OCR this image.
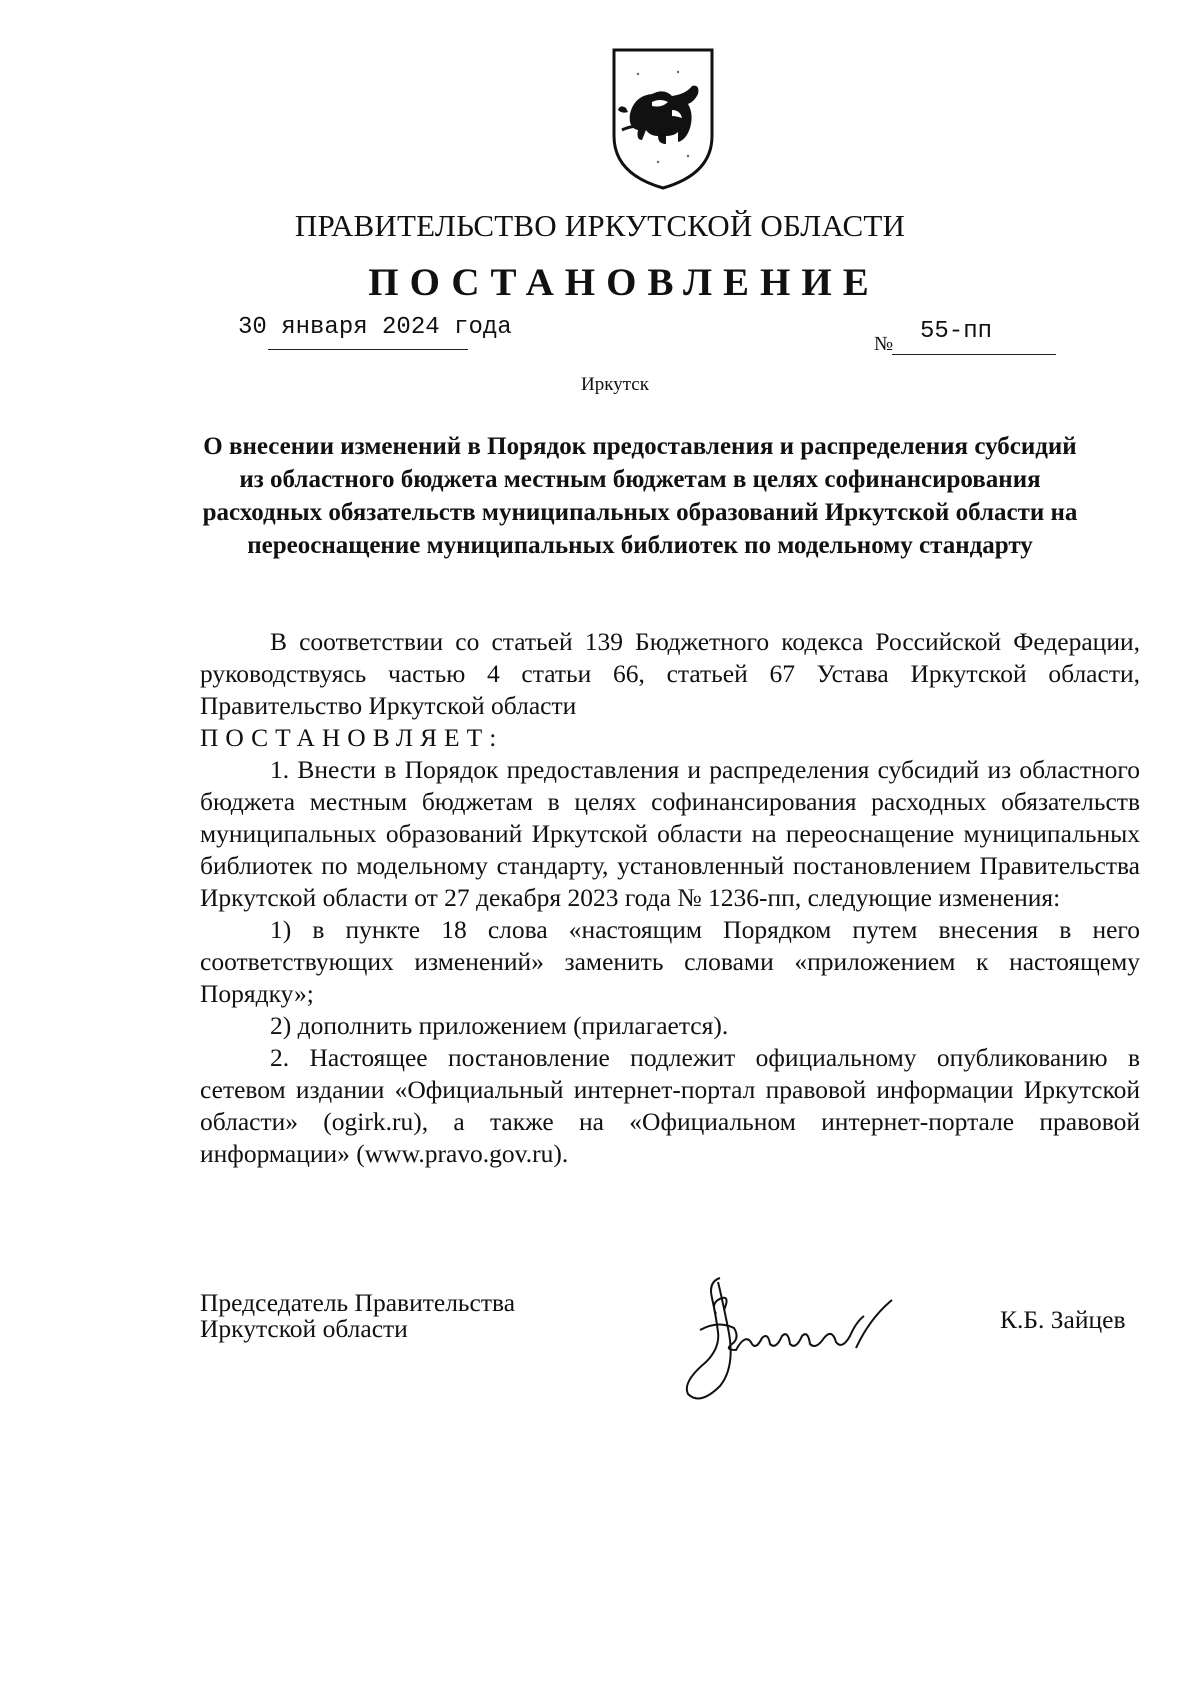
ПРАВИТЕЛЬСТВО ИРКУТСКОЙ ОБЛАСТИ
ПОСТАНОВЛЕНИЕ
30 января 2024 года
№ 55-пп
Иркутск
О внесении изменений в Порядок предоставления и распределения субсидий из областного бюджета местным бюджетам в целях софинансирования расходных обязательств муниципальных образований Иркутской области на переоснащение муниципальных библиотек по модельному стандарту

В соответствии со статьей 139 Бюджетного кодекса Российской Федерации, руководствуясь частью 4 статьи 66, статьей 67 Устава Иркутской области, Правительство Иркутской области

ПОСТАНОВЛЯЕТ:

1. Внести в Порядок предоставления и распределения субсидий из областного бюджета местным бюджетам в целях софинансирования расходных обязательств муниципальных образований Иркутской области на переоснащение муниципальных библиотек по модельному стандарту, установленный постановлением Правительства Иркутской области от 27 декабря 2023 года № 1236-пп, следующие изменения:

1) в пункте 18 слова «настоящим Порядком путем внесения в него соответствующих изменений» заменить словами «приложением к настоящему Порядку»;

2) дополнить приложением (прилагается).

2. Настоящее постановление подлежит официальному опубликованию в сетевом издании «Официальный интернет-портал правовой информации Иркутской области» (ogirk.ru), а также на «Официальном интернет-портале правовой информации» (www.pravo.gov.ru).

Председатель Правительства
Иркутской области	К.Б. Зайцев
